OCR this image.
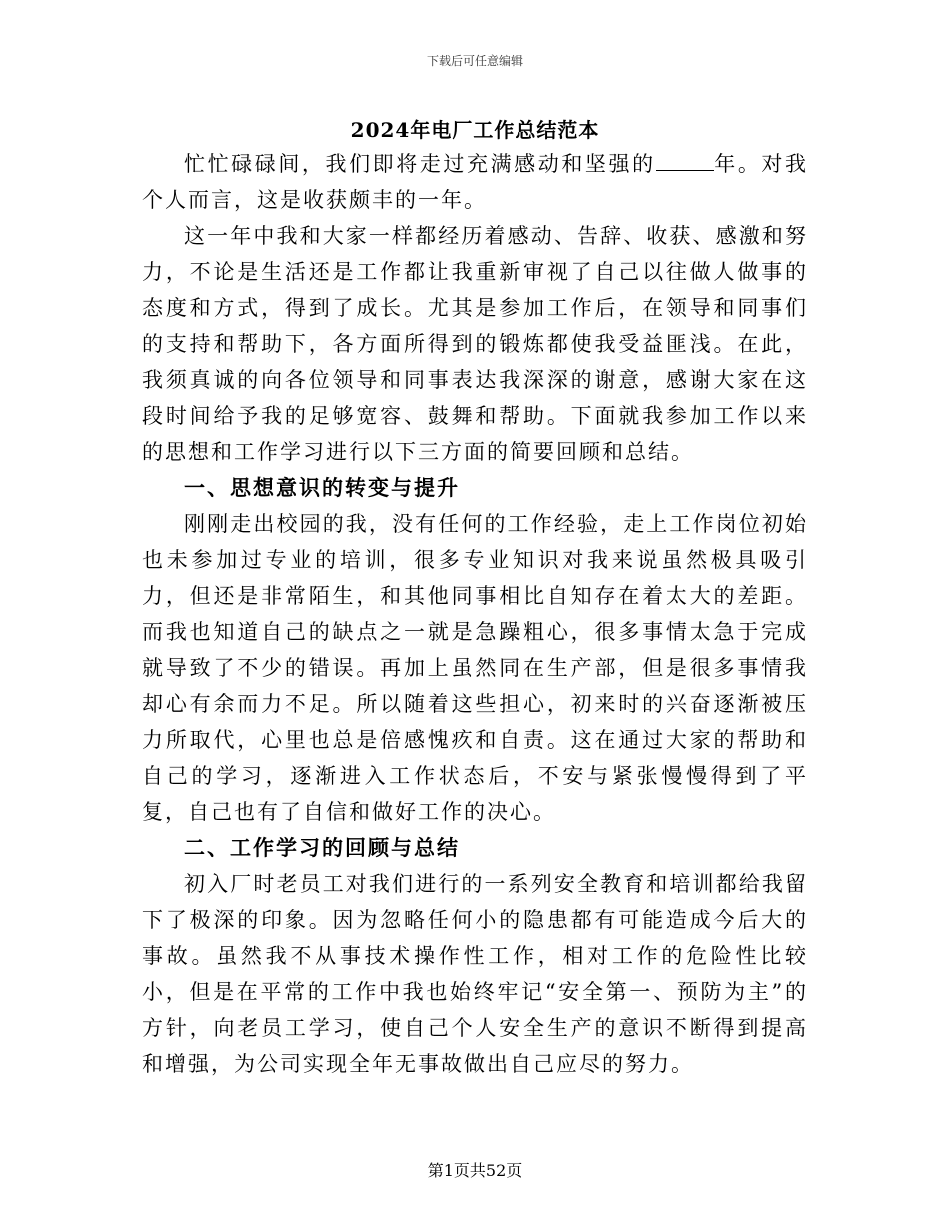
下载后可任意编辑
2024年电厂工作总结范本

忙忙碌碌间，我们即将走过充满感动和坚强的	年。对我个人而言，这是收获颇丰的一年。

这一年中我和大家一样都经历着感动、告辞、收获、感激和努力，不论是生活还是工作都让我重新审视了自己以往做人做事的态度和方式，得到了成长。尤其是参加工作后，在领导和同事们的支持和帮助下，各方面所得到的锻炼都使我受益匪浅。在此，我须真诚的向各位领导和同事表达我深深的谢意，感谢大家在这段时间给予我的足够宽容、鼓舞和帮助。下面就我参加工作以来的思想和工作学习进行以下三方面的简要回顾和总结。

一、思想意识的转变与提升

刚刚走出校园的我，没有任何的工作经验，走上工作岗位初始也未参加过专业的培训，很多专业知识对我来说虽然极具吸引力，但还是非常陌生，和其他同事相比自知存在着太大的差距。而我也知道自己的缺点之一就是急躁粗心，很多事情太急于完成就导致了不少的错误。再加上虽然同在生产部，但是很多事情我却心有余而力不足。所以随着这些担心，初来时的兴奋逐渐被压力所取代，心里也总是倍感愧疚和自责。这在通过大家的帮助和自己的学习，逐渐进入工作状态后，不安与紧张慢慢得到了平复，自己也有了自信和做好工作的决心。

二、工作学习的回顾与总结

初入厂时老员工对我们进行的一系列安全教育和培训都给我留下了极深的印象。因为忽略任何小的隐患都有可能造成今后大的事故。虽然我不从事技术操作性工作，相对工作的危险性比较小，但是在平常的工作中我也始终牢记“安全第一、预防为主”的方针，向老员工学习，使自己个人安全生产的意识不断得到提高和增强，为公司实现全年无事故做出自己应尽的努力。

第1页共52页
